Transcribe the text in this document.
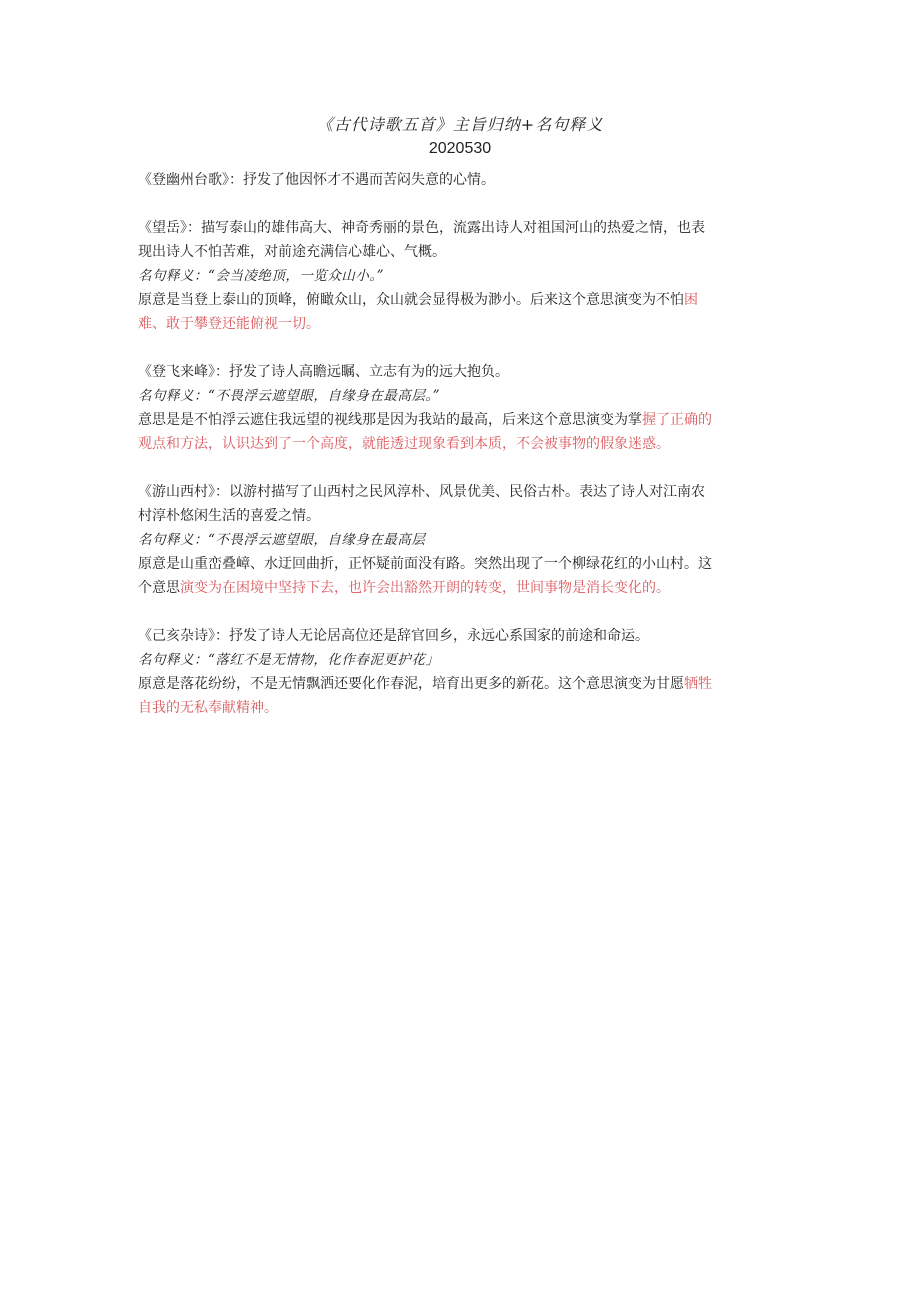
《古代诗歌五首》主旨归纳+名句释义
2020530
《登幽州台歌》：抒发了他因怀才不遇而苦闷失意的心情。
《望岳》：描写泰山的雄伟高大、神奇秀丽的景色，流露出诗人对祖国河山的热爱之情，也表
现出诗人不怕苦难，对前途充满信心雄心、气概。
名句释义：“会当凌绝顶，一览众山小。”
原意是当登上泰山的顶峰，俯瞰众山，众山就会显得极为渺小。后来这个意思演变为不怕困
难、敢于攀登还能俯视一切。
《登飞来峰》：抒发了诗人高瞻远瞩、立志有为的远大抱负。
名句释义：“不畏浮云遮望眼，自缘身在最高层。”
意思是是不怕浮云遮住我远望的视线那是因为我站的最高，后来这个意思演变为掌握了正确的
观点和方法，认识达到了一个高度，就能透过现象看到本质，不会被事物的假象迷惑。
《游山西村》：以游村描写了山西村之民风淳朴、风景优美、民俗古朴。表达了诗人对江南农
村淳朴悠闲生活的喜爱之情。
名句释义：“不畏浮云遮望眼，自缘身在最高层
原意是山重峦叠嶂、水迂回曲折，正怀疑前面没有路。突然出现了一个柳绿花红的小山村。这
个意思演变为在困境中坚持下去，也许会出豁然开朗的转变，世间事物是消长变化的。
《己亥杂诗》：抒发了诗人无论居高位还是辞官回乡，永远心系国家的前途和命运。
名句释义：“落红不是无情物，化作春泥更护花」
原意是落花纷纷，不是无情飘洒还要化作春泥，培育出更多的新花。这个意思演变为甘愿牺牲
自我的无私奉献精神。
